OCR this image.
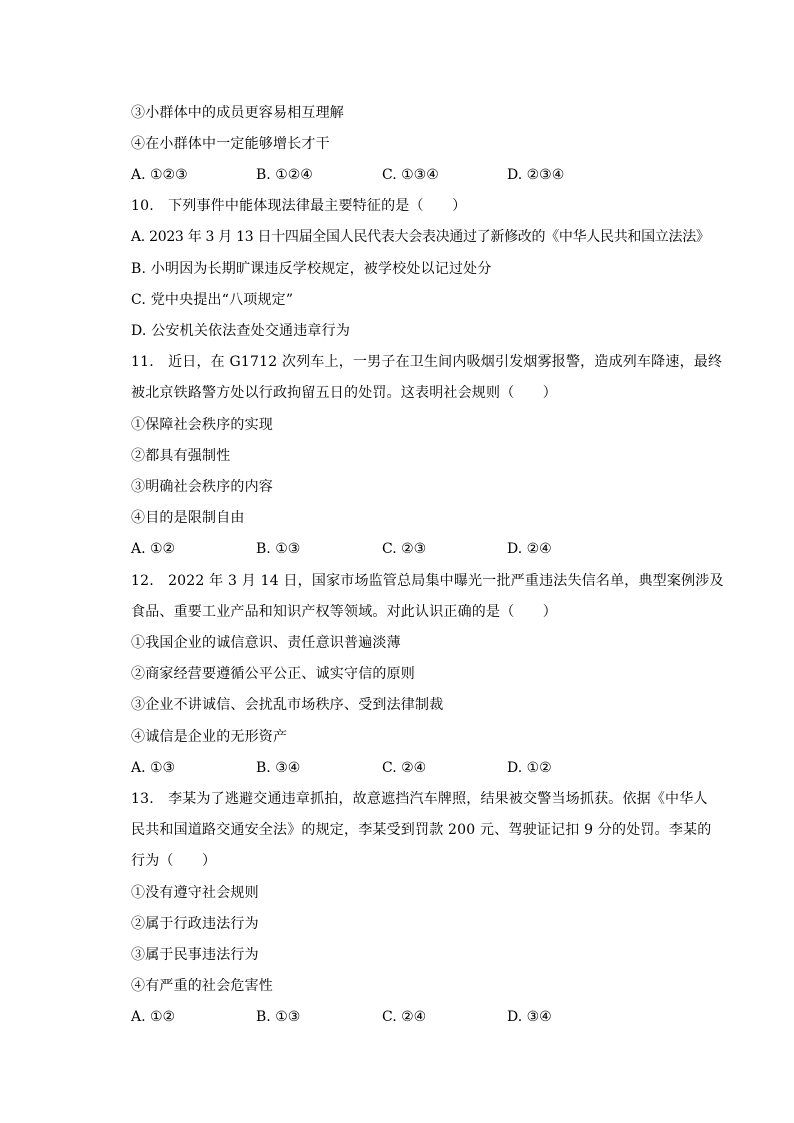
③小群体中的成员更容易相互理解
④在小群体中一定能够增长才干
A. ①②③	B. ①②④	C. ①③④	D. ②③④
10.　下列事件中能体现法律最主要特征的是（　　）
A. 2023 年 3 月 13 日十四届全国人民代表大会表决通过了新修改的《中华人民共和国立法法》
B. 小明因为长期旷课违反学校规定，被学校处以记过处分
C. 党中央提出“八项规定”
D. 公安机关依法查处交通违章行为
11.　近日，在 G1712 次列车上，一男子在卫生间内吸烟引发烟雾报警，造成列车降速，最终
被北京铁路警方处以行政拘留五日的处罚。这表明社会规则（　　）
①保障社会秩序的实现
②都具有强制性
③明确社会秩序的内容
④目的是限制自由
A. ①②	B. ①③	C. ②③	D. ②④
12.　2022 年 3 月 14 日，国家市场监管总局集中曝光一批严重违法失信名单，典型案例涉及
食品、重要工业产品和知识产权等领域。对此认识正确的是（　　）
①我国企业的诚信意识、责任意识普遍淡薄
②商家经营要遵循公平公正、诚实守信的原则
③企业不讲诚信、会扰乱市场秩序、受到法律制裁
④诚信是企业的无形资产
A. ①③	B. ③④	C. ②④	D. ①②
13.　李某为了逃避交通违章抓拍，故意遮挡汽车牌照，结果被交警当场抓获。依据《中华人
民共和国道路交通安全法》的规定，李某受到罚款 200 元、驾驶证记扣 9 分的处罚。李某的
行为（　　）
①没有遵守社会规则
②属于行政违法行为
③属于民事违法行为
④有严重的社会危害性
A. ①②	B. ①③	C. ②④	D. ③④
